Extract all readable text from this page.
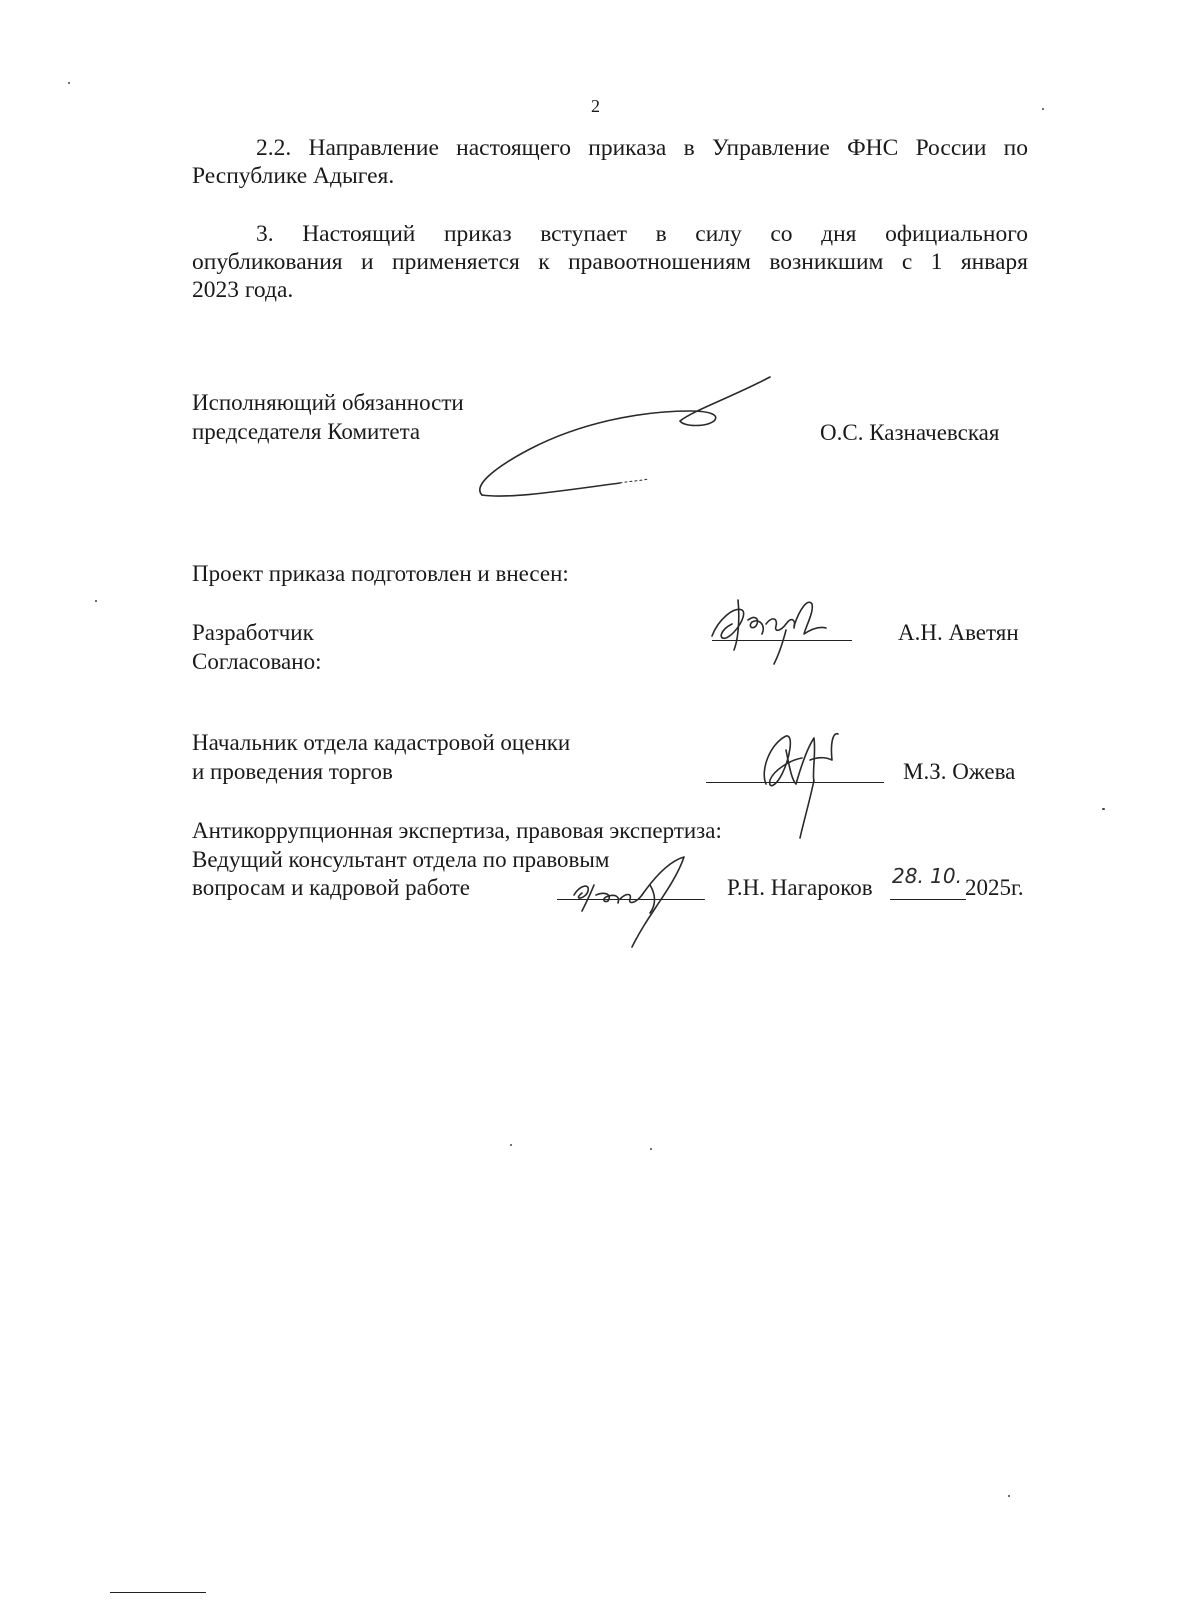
2
2.2. Направление настоящего приказа в Управление ФНС России по
Республике Адыгея.
3. Настоящий приказ вступает в силу со дня официального
опубликования и применяется к правоотношениям возникшим с 1 января
2023 года.
Исполняющий обязанности
председателя Комитета	О.С. Казначевская
Проект приказа подготовлен и внесен:
Разработчик
Согласовано:
А.Н. Аветян
Начальник отдела кадастровой оценки
и проведения торгов	М.З. Ожева
Антикоррупционная экспертиза, правовая экспертиза:
Ведущий консультант отдела по правовым
вопросам и кадровой работе	Р.Н. Нагароков 28. 10. 2025г.
